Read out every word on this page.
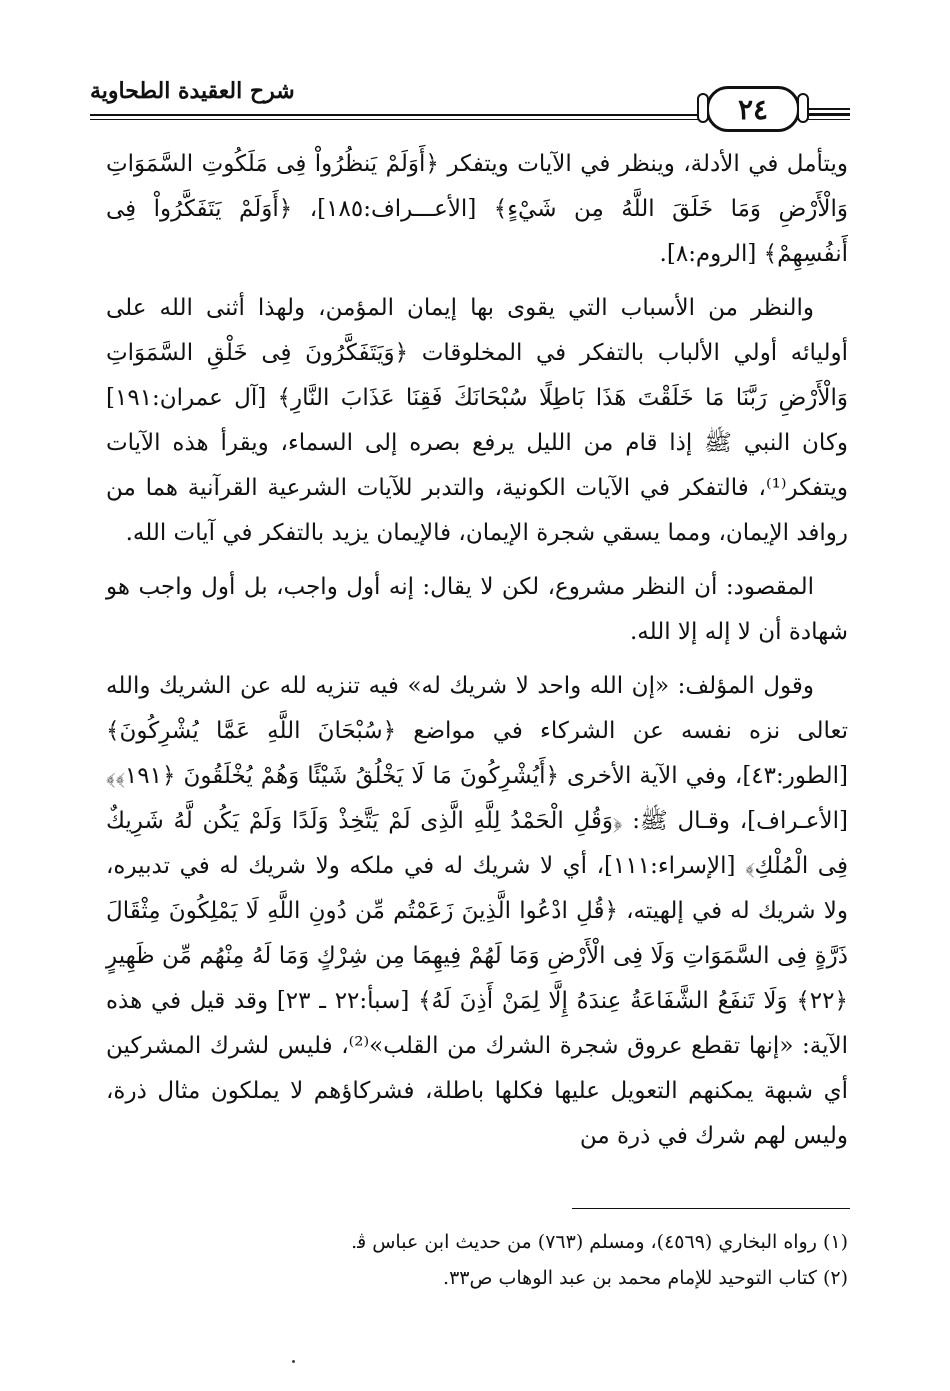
شرح العقيدة الطحاوية
٢٤

ويتأمل في الأدلة، وينظر في الآيات ويتفكر ﴿أَوَلَمْ يَنظُرُواْ فِى مَلَكُوتِ السَّمَوَاتِ وَالْأَرْضِ وَمَا خَلَقَ اللَّهُ مِن شَيْءٍ﴾ [الأعـــراف:١٨٥]، ﴿أَوَلَمْ يَتَفَكَّرُواْ فِى أَنفُسِهِمْ﴾ [الروم:٨].

والنظر من الأسباب التي يقوى بها إيمان المؤمن، ولهذا أثنى الله على أوليائه أولي الألباب بالتفكر في المخلوقات ﴿وَيَتَفَكَّرُونَ فِى خَلْقِ السَّمَوَاتِ وَالْأَرْضِ رَبَّنَا مَا خَلَقْتَ هَذَا بَاطِلًا سُبْحَانَكَ فَقِنَا عَذَابَ النَّارِ﴾ [آل عمران:١٩١] وكان النبي ﷺ إذا قام من الليل يرفع بصره إلى السماء، ويقرأ هذه الآيات ويتفكر⁽¹⁾، فالتفكر في الآيات الكونية، والتدبر للآيات الشرعية القرآنية هما من روافد الإيمان، ومما يسقي شجرة الإيمان، فالإيمان يزيد بالتفكر في آيات الله.

المقصود: أن النظر مشروع، لكن لا يقال: إنه أول واجب، بل أول واجب هو شهادة أن لا إله إلا الله.

وقول المؤلف: «إن الله واحد لا شريك له» فيه تنزيه لله عن الشريك والله تعالى نزه نفسه عن الشركاء في مواضع ﴿سُبْحَانَ اللَّهِ عَمَّا يُشْرِكُونَ﴾ [الطور:٤٣]، وفي الآية الأخرى ﴿أَيُشْرِكُونَ مَا لَا يَخْلُقُ شَيْئًا وَهُمْ يُخْلَقُونَ ﴿١٩١﴾﴾ [الأعـراف]، وقـال ﷺ: ﴿وَقُلِ الْحَمْدُ لِلَّهِ الَّذِى لَمْ يَتَّخِذْ وَلَدًا وَلَمْ يَكُن لَّهُ شَرِيكٌ فِى الْمُلْكِ﴾ [الإسراء:١١١]، أي لا شريك له في ملكه ولا شريك له في تدبيره، ولا شريك له في إلهيته، ﴿قُلِ ادْعُوا الَّذِينَ زَعَمْتُم مِّن دُونِ اللَّهِ لَا يَمْلِكُونَ مِثْقَالَ ذَرَّةٍ فِى السَّمَوَاتِ وَلَا فِى الْأَرْضِ وَمَا لَهُمْ فِيهِمَا مِن شِرْكٍ وَمَا لَهُ مِنْهُم مِّن ظَهِيرٍ ﴿٢٢﴾ وَلَا تَنفَعُ الشَّفَاعَةُ عِندَهُ إِلَّا لِمَنْ أَذِنَ لَهُ﴾ [سبأ:٢٢ ـ ٢٣] وقد قيل في هذه الآية: «إنها تقطع عروق شجرة الشرك من القلب»⁽²⁾، فليس لشرك المشركين أي شبهة يمكنهم التعويل عليها فكلها باطلة، فشركاؤهم لا يملكون مثال ذرة، وليس لهم شرك في ذرة من

(١) رواه البخاري (٤٥٦٩)، ومسلم (٧٦٣) من حديث ابن عباس ﭬ.
(٢) كتاب التوحيد للإمام محمد بن عبد الوهاب ص٣٣.
